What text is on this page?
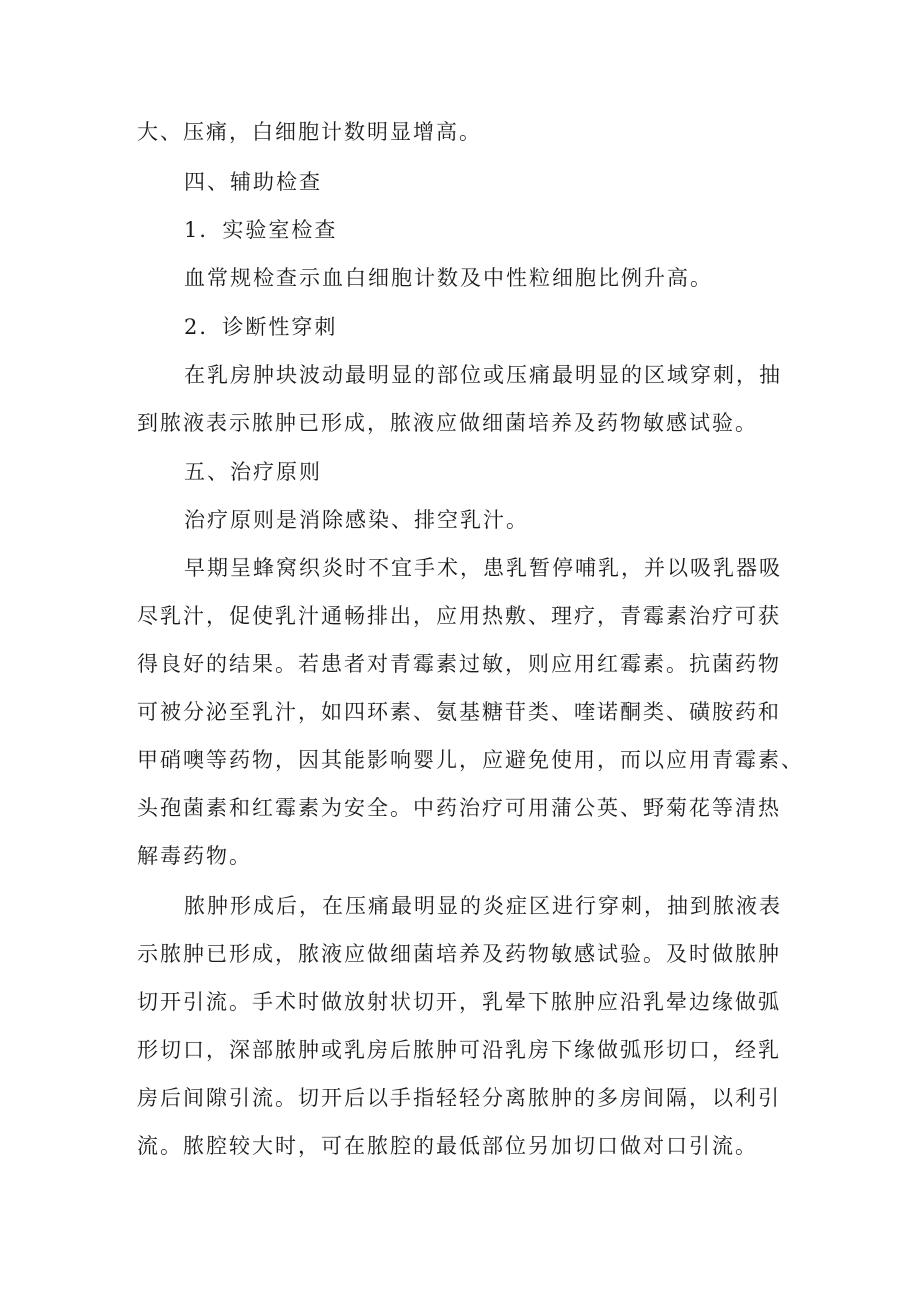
大、压痛，白细胞计数明显增高。
四、辅助检查
1．实验室检查
血常规检查示血白细胞计数及中性粒细胞比例升高。
2．诊断性穿刺
在乳房肿块波动最明显的部位或压痛最明显的区域穿刺，抽
到脓液表示脓肿已形成，脓液应做细菌培养及药物敏感试验。
五、治疗原则
治疗原则是消除感染、排空乳汁。
早期呈蜂窝织炎时不宜手术，患乳暂停哺乳，并以吸乳器吸
尽乳汁，促使乳汁通畅排出，应用热敷、理疗，青霉素治疗可获
得良好的结果。若患者对青霉素过敏，则应用红霉素。抗菌药物
可被分泌至乳汁，如四环素、氨基糖苷类、喹诺酮类、磺胺药和
甲硝噢等药物，因其能影响婴儿，应避免使用，而以应用青霉素、
头孢菌素和红霉素为安全。中药治疗可用蒲公英、野菊花等清热
解毒药物。
脓肿形成后，在压痛最明显的炎症区进行穿刺，抽到脓液表
示脓肿已形成，脓液应做细菌培养及药物敏感试验。及时做脓肿
切开引流。手术时做放射状切开，乳晕下脓肿应沿乳晕边缘做弧
形切口，深部脓肿或乳房后脓肿可沿乳房下缘做弧形切口，经乳
房后间隙引流。切开后以手指轻轻分离脓肿的多房间隔，以利引
流。脓腔较大时，可在脓腔的最低部位另加切口做对口引流。
